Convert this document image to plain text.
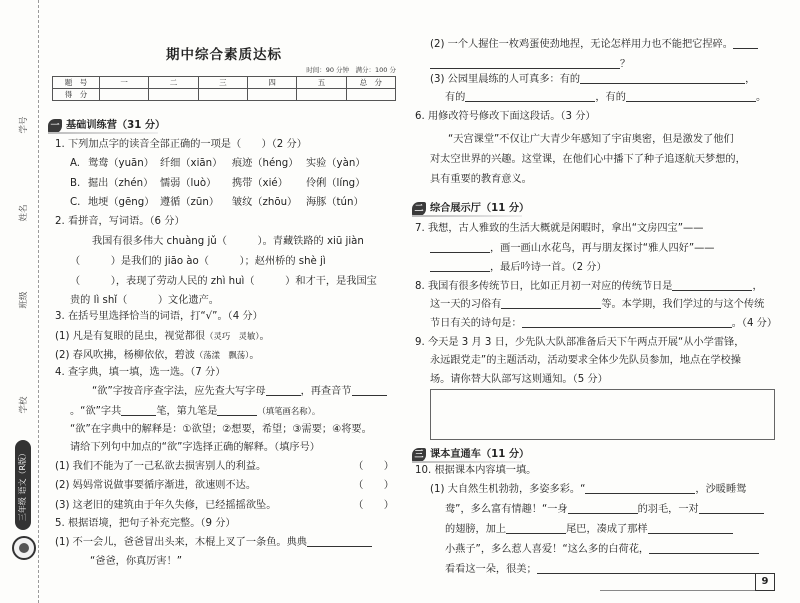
学号
姓名
班级
学校
三年级 语文（R版）
期中综合素质达标
时间：90 分钟　满分：100 分
题　号	一	二	三	四	五	总　分
得　分						
一 基础训练营（31 分）
1. 下列加点字的读音全部正确的一项是（　　）（2 分）
A. 鸳鸯（yuān） 纤细（xiān） 痕迹（héng） 实验（yàn）
B. 掘出（zhén） 懦弱（luò） 携带（xié） 伶俐（líng）
C. 地埂（gēng） 遵循（zūn） 皱纹（zhōu） 海豚（tún）
2. 看拼音，写词语。（6 分）
我国有很多伟大 chuàng jǔ（　　　）。青藏铁路的 xiū jiàn
（　　　）是我们的 jiāo ào（　　　）；赵州桥的 shè jì
（　　　），表现了劳动人民的 zhì huì（　　　）和才干，是我国宝
贵的 lì shǐ（　　　）文化遗产。
3. 在括号里选择恰当的词语，打“√”。（4 分）
(1) 凡是有复眼的昆虫，视觉都很（灵巧　灵敏）。
(2) 春风吹拂，杨柳依依，碧波（荡漾　飘荡）。
4. 查字典，填一填，选一选。（7 分）
“欲”字按音序查字法，应先查大写字母	，再查音节
。“欲”字共	笔，第九笔是	（填笔画名称）。
“欲”在字典中的解释是：①欲望；②想要，希望；③需要；④将要。
请给下列句中加点的“欲”字选择正确的解释。（填序号）
(1) 我们不能为了一己私欲去损害别人的利益。	（　　）
(2) 妈妈常说做事要循序渐进，欲速则不达。	（　　）
(3) 这老旧的建筑由于年久失修，已经摇摇欲坠。	（　　）
5. 根据语境，把句子补充完整。（9 分）
(1) 不一会儿，爸爸冒出头来，木棍上叉了一条鱼。典典
“爸爸，你真厉害！”
(2) 一个人握住一枚鸡蛋使劲地捏，无论怎样用力也不能把它捏碎。
？
(3) 公园里晨练的人可真多：有的	，
有的	，有的	。
6. 用修改符号修改下面这段话。（3 分）
“天宫课堂”不仅让广大青少年感知了宇宙奥密，但是激发了他们
对太空世界的兴趣。这堂课，在他们心中播下了种子追逐航天梦想的，
具有重要的教育意义。
二 综合展示厅（11 分）
7. 我想，古人雅致的生活大概就是闲暇时，拿出“文房四宝”——
，画一画山水花鸟，再与朋友探讨“雅人四好”——
，最后吟诗一首。（2 分）
8. 我国有很多传统节日，比如正月初一对应的传统节日是	，
这一天的习俗有	等。本学期，我们学过的与这个传统
节日有关的诗句是：	。（4 分）
9. 今天是 3 月 3 日，少先队大队部准备后天下午两点开展“从小学雷锋，
永远跟党走”的主题活动，活动要求全体少先队员参加，地点在学校操
场。请你替大队部写这则通知。（5 分）
三 课本直通车（11 分）
10. 根据课本内容填一填。
(1) 大自然生机勃勃，多姿多彩。“	，沙暖睡鸳
鸯”，多么富有情趣！“一身	的羽毛，一对
的翅膀，加上	尾巴，凑成了那样
小燕子”，多么惹人喜爱！“这么多的白荷花，
看看这一朵，很美；
9
